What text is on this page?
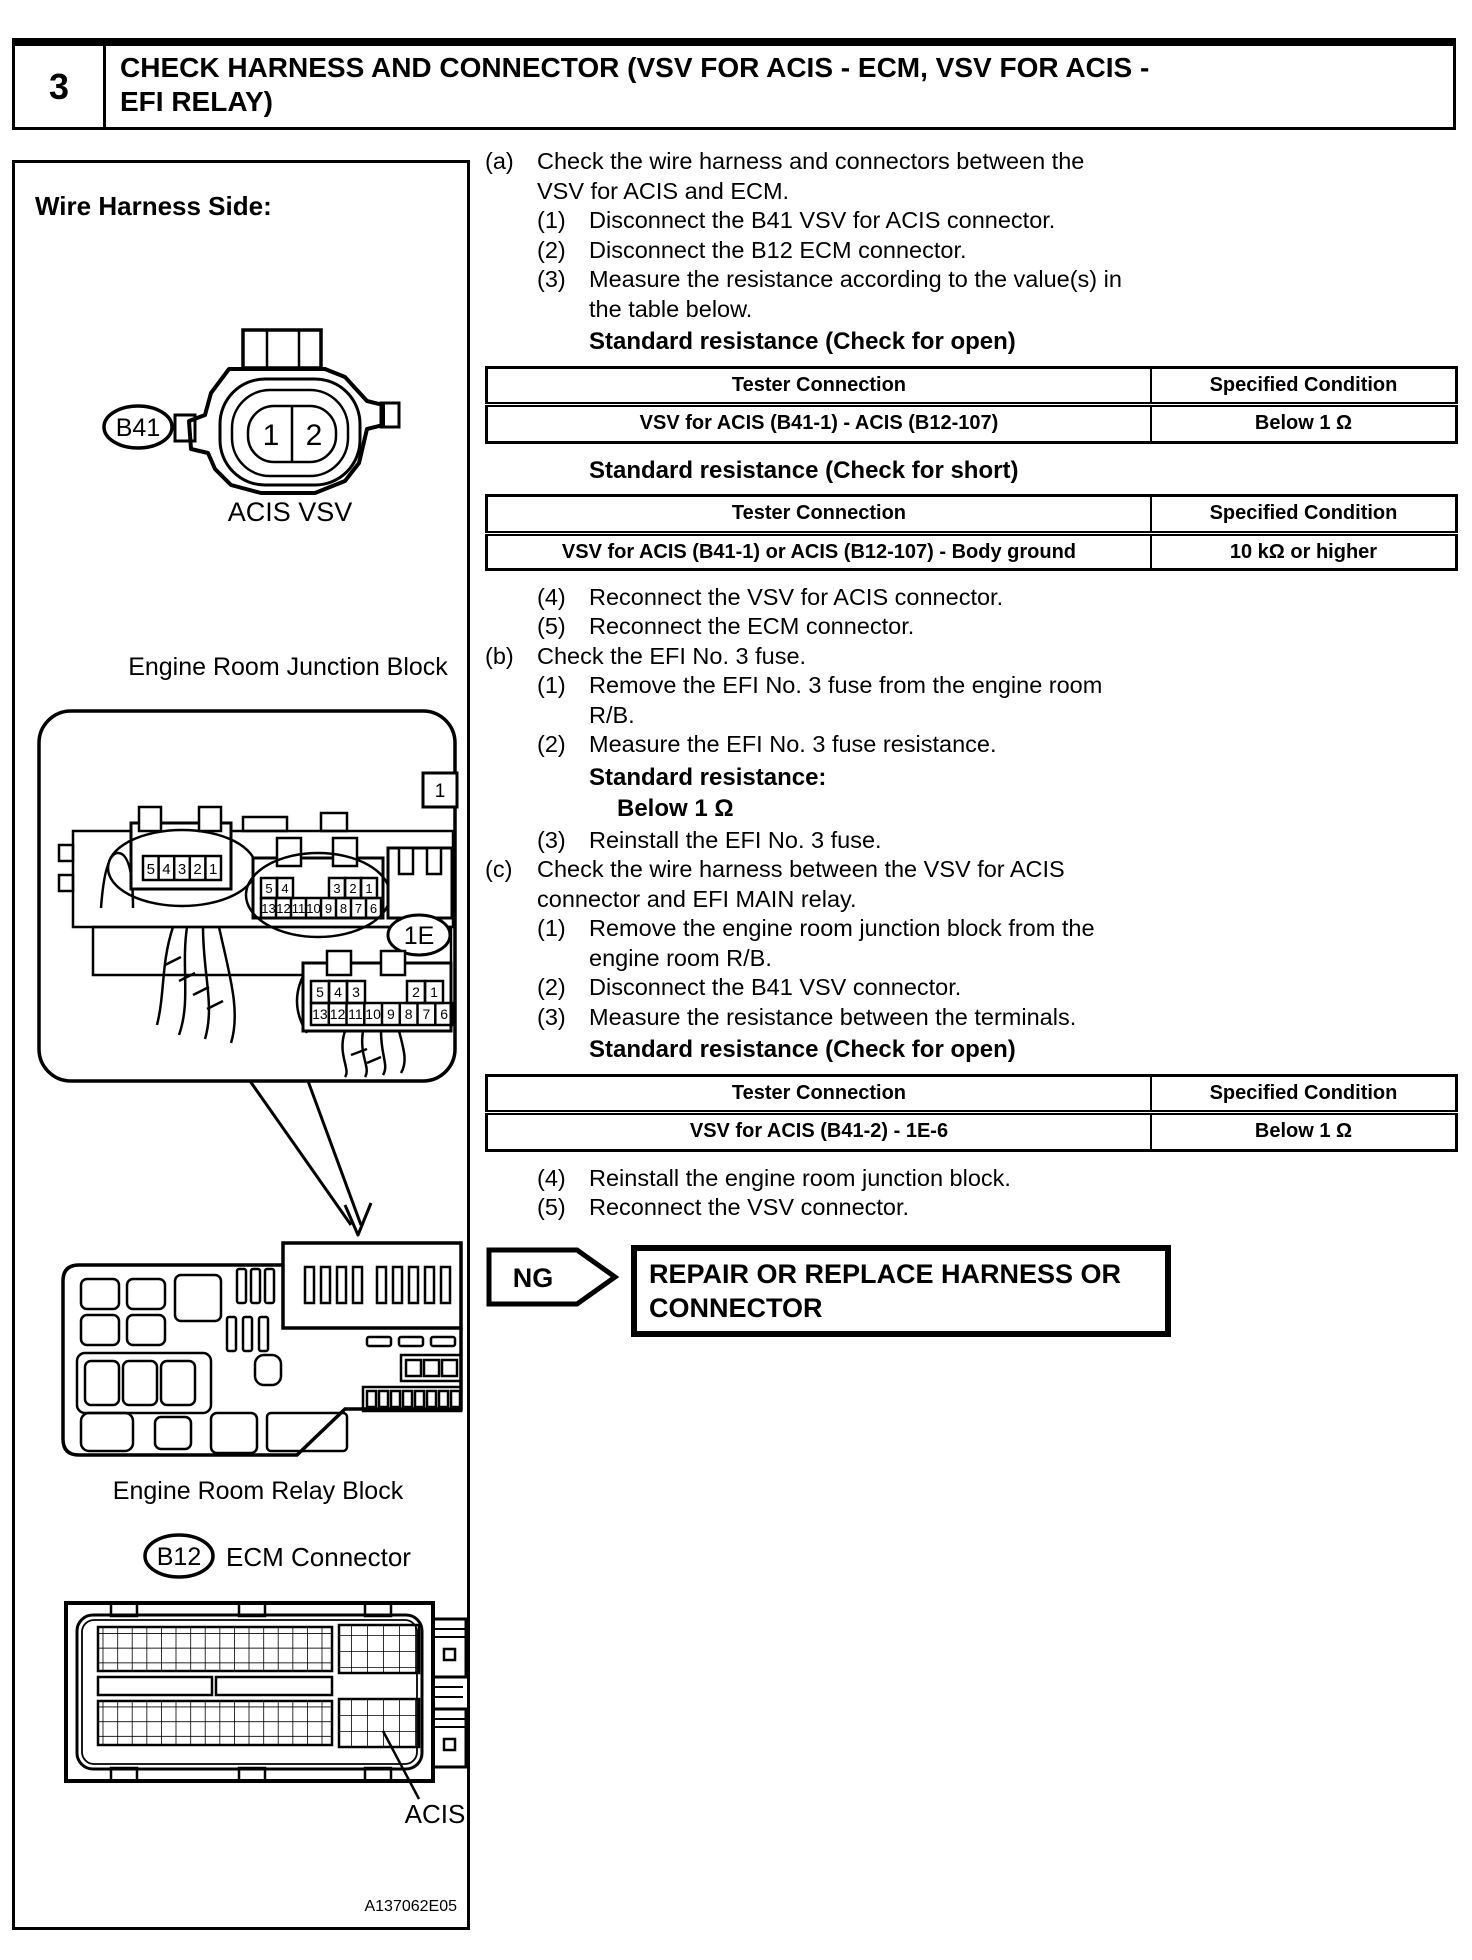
3	CHECK HARNESS AND CONNECTOR (VSV FOR ACIS - ECM, VSV FOR ACIS - EFI RELAY)
Wire Harness Side:
B41	1 2
ACIS VSV
Engine Room Junction Block
5 4 3 2 1
5 4	3 2 1
13 12 11 10 9 8 7 6
5 4 3	2 1
13 12 11 10 9 8 7 6
1
1E
Engine Room Relay Block
B12 ECM Connector
ACIS
A137062E05
(a) Check the wire harness and connectors between the VSV for ACIS and ECM.
(1) Disconnect the B41 VSV for ACIS connector.
(2) Disconnect the B12 ECM connector.
(3) Measure the resistance according to the value(s) in the table below.
Standard resistance (Check for open)
Tester Connection	Specified Condition
VSV for ACIS (B41-1) - ACIS (B12-107)	Below 1 Ω
Standard resistance (Check for short)
Tester Connection	Specified Condition
VSV for ACIS (B41-1) or ACIS (B12-107) - Body ground	10 kΩ or higher
(4) Reconnect the VSV for ACIS connector.
(5) Reconnect the ECM connector.
(b) Check the EFI No. 3 fuse.
(1) Remove the EFI No. 3 fuse from the engine room R/B.
(2) Measure the EFI No. 3 fuse resistance.
Standard resistance:
Below 1 Ω
(3) Reinstall the EFI No. 3 fuse.
(c)	Check the wire harness between the VSV for ACIS connector and EFI MAIN relay.
(1) Remove the engine room junction block from the engine room R/B.
(2) Disconnect the B41 VSV connector.
(3) Measure the resistance between the terminals.
Standard resistance (Check for open)
Tester Connection	Specified Condition
VSV for ACIS (B41-2) - 1E-6	Below 1 Ω
(4) Reinstall the engine room junction block.
(5) Reconnect the VSV connector.
NG	REPAIR OR REPLACE HARNESS OR CONNECTOR
